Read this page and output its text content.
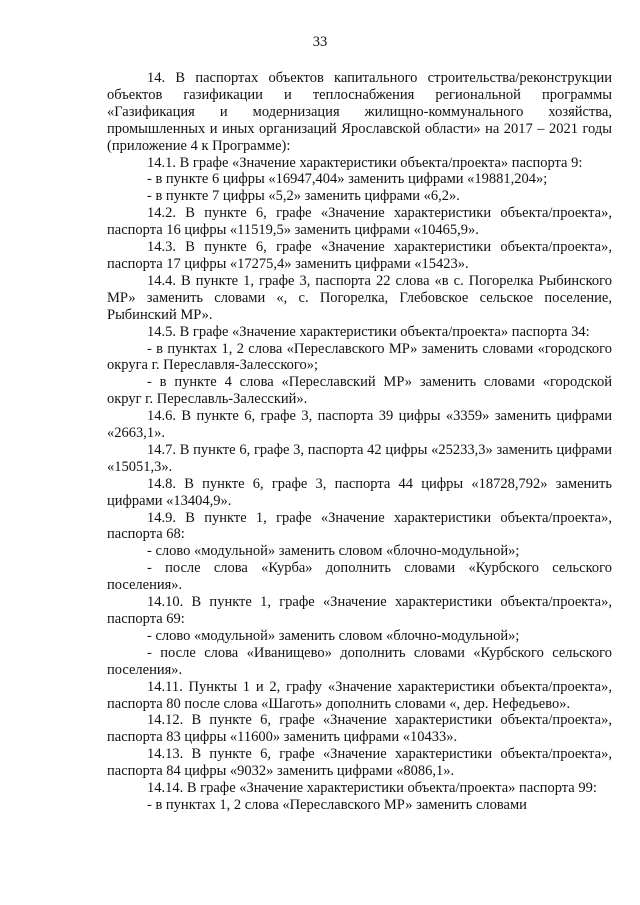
33

14. В паспортах объектов капитального строительства/реконструкции объектов газификации и теплоснабжения региональной программы «Газификация и модернизация жилищно-коммунального хозяйства, промышленных и иных организаций Ярославской области» на 2017 – 2021 годы (приложение 4 к Программе):

14.1. В графе «Значение характеристики объекта/проекта» паспорта 9:

- в пункте 6 цифры «16947,404» заменить цифрами «19881,204»;

- в пункте 7 цифры «5,2» заменить цифрами «6,2».

14.2. В пункте 6, графе «Значение характеристики объекта/проекта», паспорта 16 цифры «11519,5» заменить цифрами «10465,9».

14.3. В пункте 6, графе «Значение характеристики объекта/проекта», паспорта 17 цифры «17275,4» заменить цифрами «15423».

14.4. В пункте 1, графе 3, паспорта 22 слова «в с. Погорелка Рыбинского МР» заменить словами «, с. Погорелка, Глебовское сельское поселение, Рыбинский МР».

14.5. В графе «Значение характеристики объекта/проекта» паспорта 34:

- в пунктах 1, 2 слова «Переславского МР» заменить словами «городского округа г. Переславля-Залесского»;

- в пункте 4 слова «Переславский МР» заменить словами «городской округ г. Переславль-Залесский».

14.6. В пункте 6, графе 3, паспорта 39 цифры «3359» заменить цифрами «2663,1».

14.7. В пункте 6, графе 3, паспорта 42 цифры «25233,3» заменить цифрами «15051,3».

14.8. В пункте 6, графе 3, паспорта 44 цифры «18728,792» заменить цифрами «13404,9».

14.9. В пункте 1, графе «Значение характеристики объекта/проекта», паспорта 68:

- слово «модульной» заменить словом «блочно-модульной»;

- после слова «Курба» дополнить словами «Курбского сельского поселения».

14.10. В пункте 1, графе «Значение характеристики объекта/проекта», паспорта 69:

- слово «модульной» заменить словом «блочно-модульной»;

- после слова «Иванищево» дополнить словами «Курбского сельского поселения».

14.11. Пункты 1 и 2, графу «Значение характеристики объекта/проекта», паспорта 80 после слова «Шаготь» дополнить словами «, дер. Нефедьево».

14.12. В пункте 6, графе «Значение характеристики объекта/проекта», паспорта 83 цифры «11600» заменить цифрами «10433».

14.13. В пункте 6, графе «Значение характеристики объекта/проекта», паспорта 84 цифры «9032» заменить цифрами «8086,1».

14.14. В графе «Значение характеристики объекта/проекта» паспорта 99:

- в пунктах 1, 2 слова «Переславского МР» заменить словами
